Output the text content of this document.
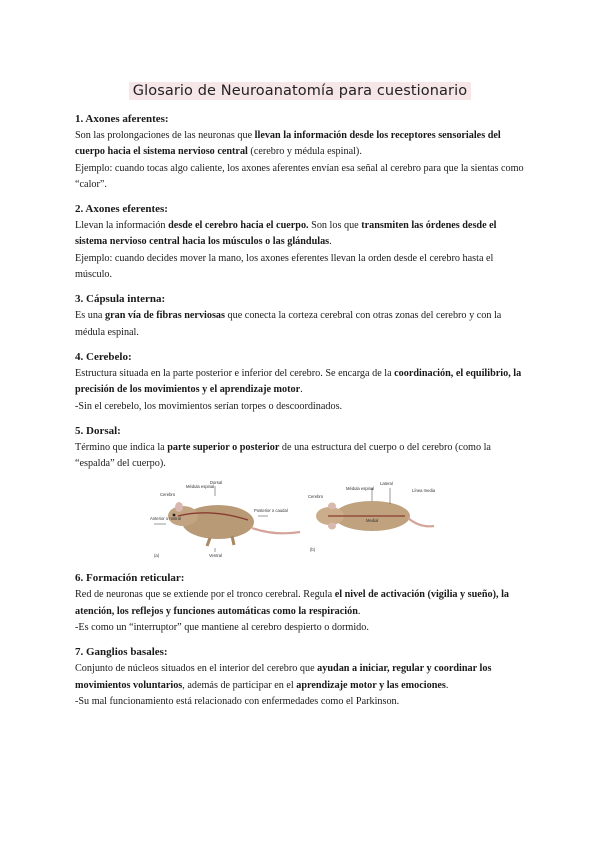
Glosario de Neuroanatomía para cuestionario
1. Axones aferentes:

Son las prolongaciones de las neuronas que llevan la información desde los receptores sensoriales del cuerpo hacia el sistema nervioso central (cerebro y médula espinal).

Ejemplo: cuando tocas algo caliente, los axones aferentes envían esa señal al cerebro para que la sientas como “calor”.

2. Axones eferentes:

Llevan la información desde el cerebro hacia el cuerpo. Son los que transmiten las órdenes desde el sistema nervioso central hacia los músculos o las glándulas.

Ejemplo: cuando decides mover la mano, los axones eferentes llevan la orden desde el cerebro hasta el músculo.

3. Cápsula interna:

Es una gran vía de fibras nerviosas que conecta la corteza cerebral con otras zonas del cerebro y con la médula espinal.

4. Cerebelo:

Estructura situada en la parte posterior e inferior del cerebro. Se encarga de la coordinación, el equilibrio, la precisión de los movimientos y el aprendizaje motor.

-Sin el cerebelo, los movimientos serían torpes o descoordinados.

5. Dorsal:

Término que indica la parte superior o posterior de una estructura del cuerpo o del cerebro (como la “espalda” del cuerpo).

Cerebro
Médula espinal
Dorsal
Anterior o rostral
Posterior o caudal
Ventral
(a)
Cerebro
Médula espinal
Lateral
Línea media
Medial
(b)
6. Formación reticular:

Red de neuronas que se extiende por el tronco cerebral. Regula el nivel de activación (vigilia y sueño), la atención, los reflejos y funciones automáticas como la respiración.

-Es como un “interruptor” que mantiene al cerebro despierto o dormido.

7. Ganglios basales:

Conjunto de núcleos situados en el interior del cerebro que ayudan a iniciar, regular y coordinar los movimientos voluntarios, además de participar en el aprendizaje motor y las emociones.

-Su mal funcionamiento está relacionado con enfermedades como el Parkinson.
